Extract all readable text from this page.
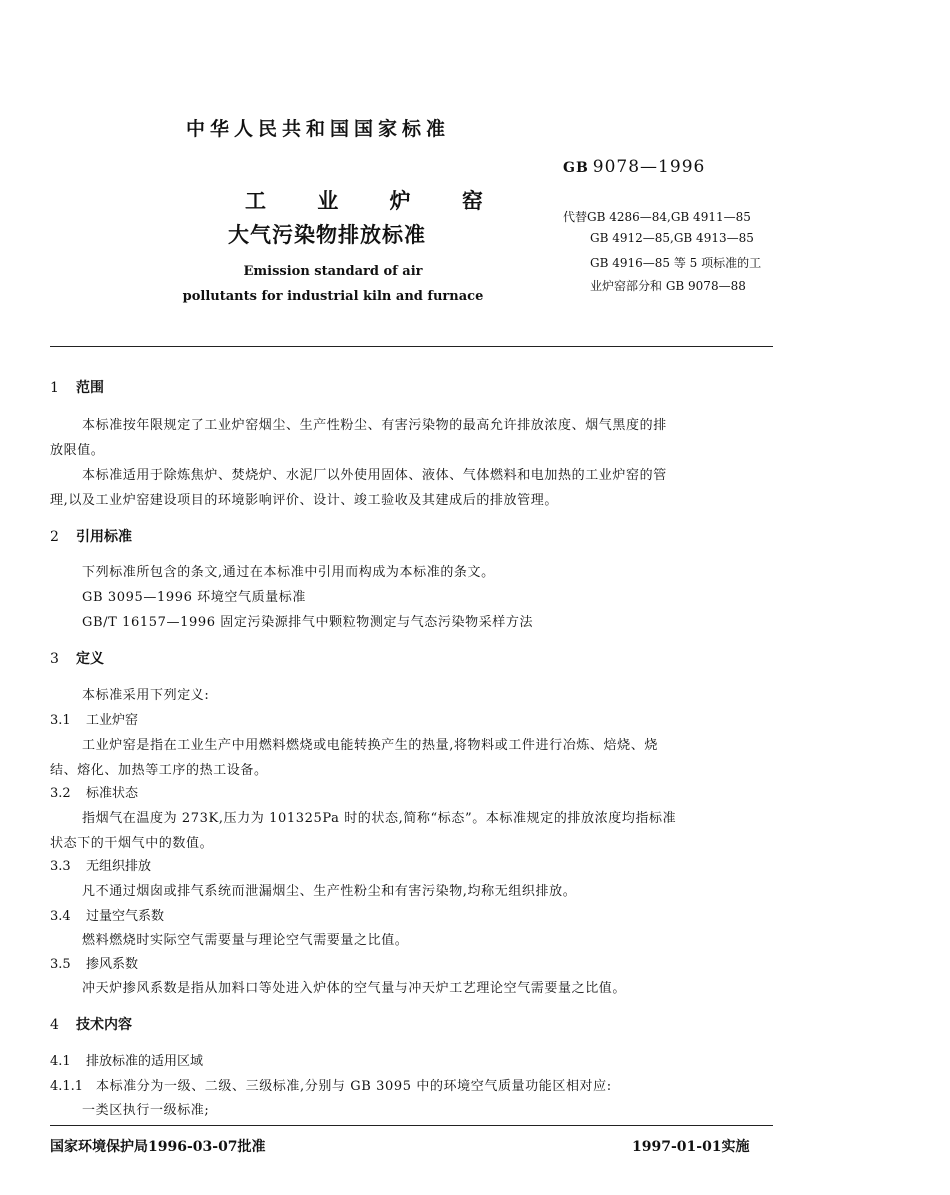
中华人民共和国国家标准
GB 9078—1996
工 业 炉 窑
大气污染物排放标准
Emission standard of air
pollutants for industrial kiln and furnace
代替GB 4286—84,GB 4911—85
GB 4912—85,GB 4913—85
GB 4916—85 等 5 项标准的工
业炉窑部分和 GB 9078—88
1 范围
本标准按年限规定了工业炉窑烟尘、生产性粉尘、有害污染物的最高允许排放浓度、烟气黑度的排
放限值。
本标准适用于除炼焦炉、焚烧炉、水泥厂以外使用固体、液体、气体燃料和电加热的工业炉窑的管
理,以及工业炉窑建设项目的环境影响评价、设计、竣工验收及其建成后的排放管理。
2 引用标准
下列标准所包含的条文,通过在本标准中引用而构成为本标准的条文。
GB 3095—1996 环境空气质量标准
GB/T 16157—1996 固定污染源排气中颗粒物测定与气态污染物采样方法
3 定义
本标准采用下列定义:
3.1 工业炉窑
工业炉窑是指在工业生产中用燃料燃烧或电能转换产生的热量,将物料或工件进行冶炼、焙烧、烧
结、熔化、加热等工序的热工设备。
3.2 标准状态
指烟气在温度为 273K,压力为 101325Pa 时的状态,简称“标态”。本标准规定的排放浓度均指标准
状态下的干烟气中的数值。
3.3 无组织排放
凡不通过烟囱或排气系统而泄漏烟尘、生产性粉尘和有害污染物,均称无组织排放。
3.4 过量空气系数
燃料燃烧时实际空气需要量与理论空气需要量之比值。
3.5 掺风系数
冲天炉掺风系数是指从加料口等处进入炉体的空气量与冲天炉工艺理论空气需要量之比值。
4 技术内容
4.1 排放标准的适用区域
4.1.1 本标准分为一级、二级、三级标准,分别与 GB 3095 中的环境空气质量功能区相对应:
一类区执行一级标准;
国家环境保护局1996-03-07批准	1997-01-01实施
